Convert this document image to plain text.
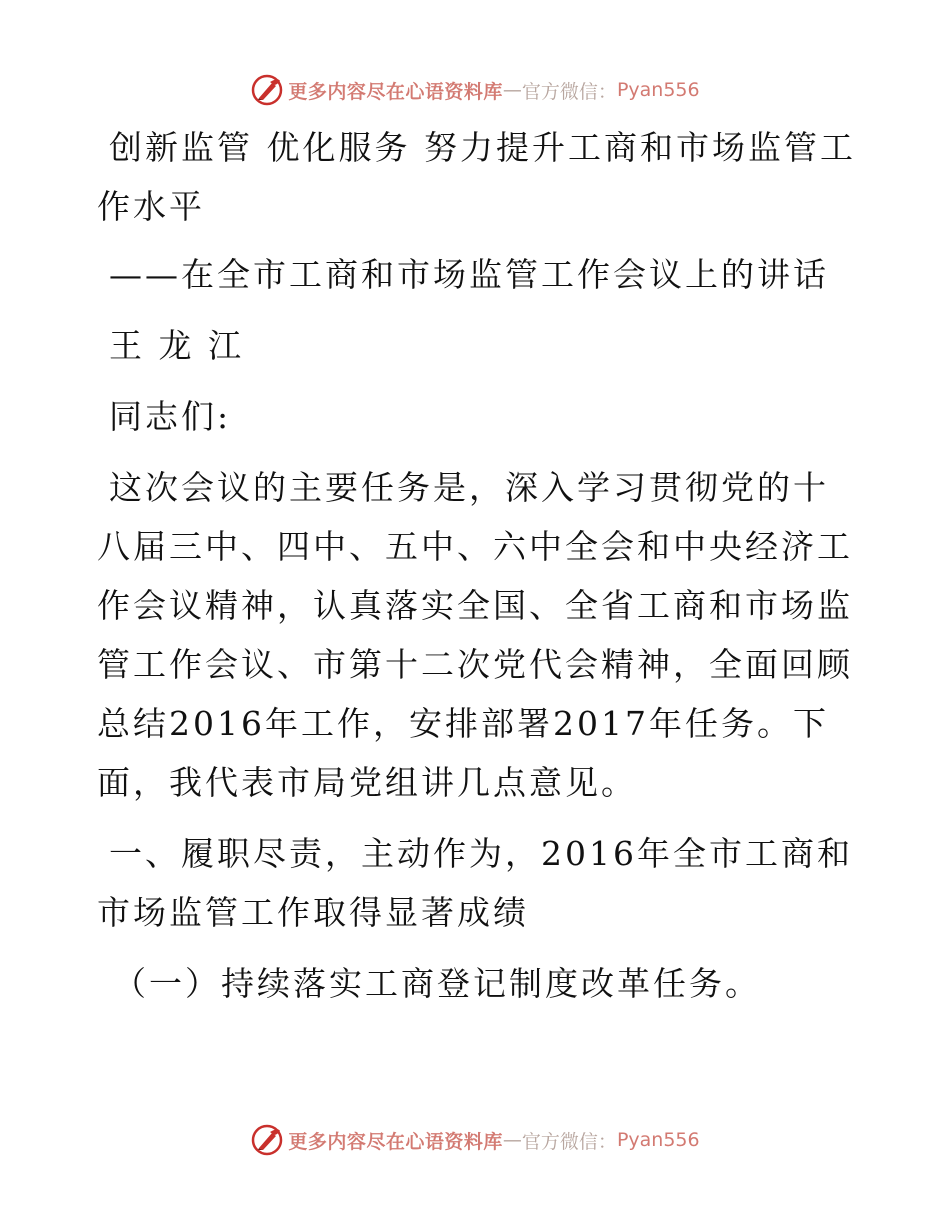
更多内容尽在心语资料库 — 官方微信： Pyan556

创新监管 优化服务 努力提升工商和市场监管工作水平

——在全市工商和市场监管工作会议上的讲话

王 龙 江

同志们:

这次会议的主要任务是，深入学习贯彻党的十八届三中、四中、五中、六中全会和中央经济工作会议精神，认真落实全国、全省工商和市场监管工作会议、市第十二次党代会精神，全面回顾总结2016年工作，安排部署2017年任务。下面，我代表市局党组讲几点意见。

一、履职尽责，主动作为，2016年全市工商和市场监管工作取得显著成绩

（一）持续落实工商登记制度改革任务。

更多内容尽在心语资料库 — 官方微信： Pyan556
